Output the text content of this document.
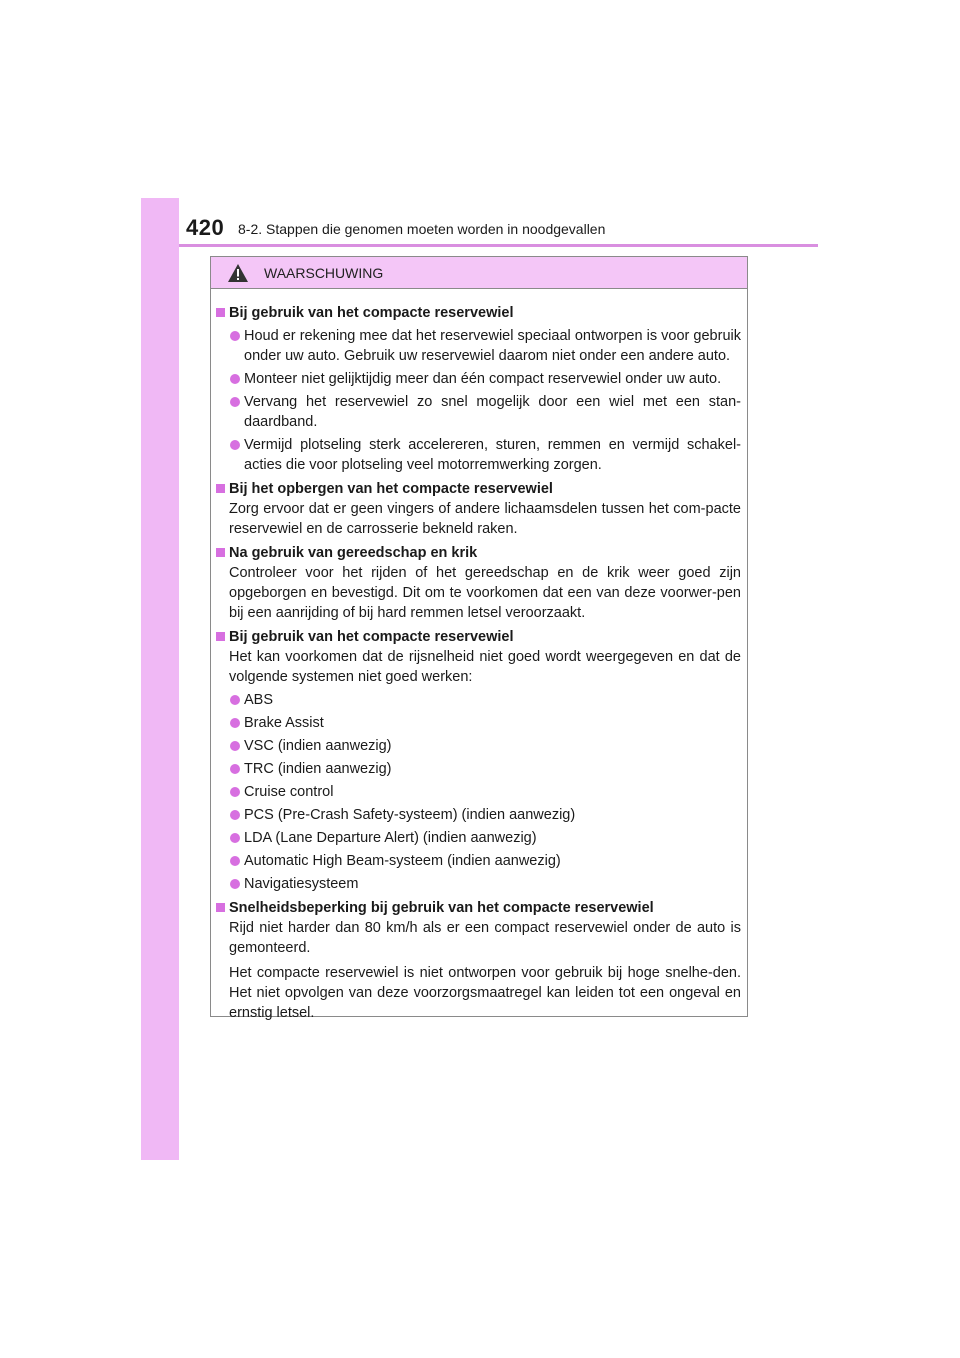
420 8-2. Stappen die genomen moeten worden in noodgevallen
WAARSCHUWING
Bij gebruik van het compacte reservewiel
Houd er rekening mee dat het reservewiel speciaal ontworpen is voor gebruik onder uw auto. Gebruik uw reservewiel daarom niet onder een andere auto.
Monteer niet gelijktijdig meer dan één compact reservewiel onder uw auto.
Vervang het reservewiel zo snel mogelijk door een wiel met een stan-daardband.
Vermijd plotseling sterk accelereren, sturen, remmen en vermijd schakel-acties die voor plotseling veel motorremwerking zorgen.
Bij het opbergen van het compacte reservewiel
Zorg ervoor dat er geen vingers of andere lichaamsdelen tussen het com-pacte reservewiel en de carrosserie bekneld raken.
Na gebruik van gereedschap en krik
Controleer voor het rijden of het gereedschap en de krik weer goed zijn opgeborgen en bevestigd. Dit om te voorkomen dat een van deze voorwer-pen bij een aanrijding of bij hard remmen letsel veroorzaakt.
Bij gebruik van het compacte reservewiel
Het kan voorkomen dat de rijsnelheid niet goed wordt weergegeven en dat de volgende systemen niet goed werken:
ABS
Brake Assist
VSC (indien aanwezig)
TRC (indien aanwezig)
Cruise control
PCS (Pre-Crash Safety-systeem) (indien aanwezig)
LDA (Lane Departure Alert) (indien aanwezig)
Automatic High Beam-systeem (indien aanwezig)
Navigatiesysteem
Snelheidsbeperking bij gebruik van het compacte reservewiel
Rijd niet harder dan 80 km/h als er een compact reservewiel onder de auto is gemonteerd.
Het compacte reservewiel is niet ontworpen voor gebruik bij hoge snelhe-den. Het niet opvolgen van deze voorzorgsmaatregel kan leiden tot een ongeval en ernstig letsel.
